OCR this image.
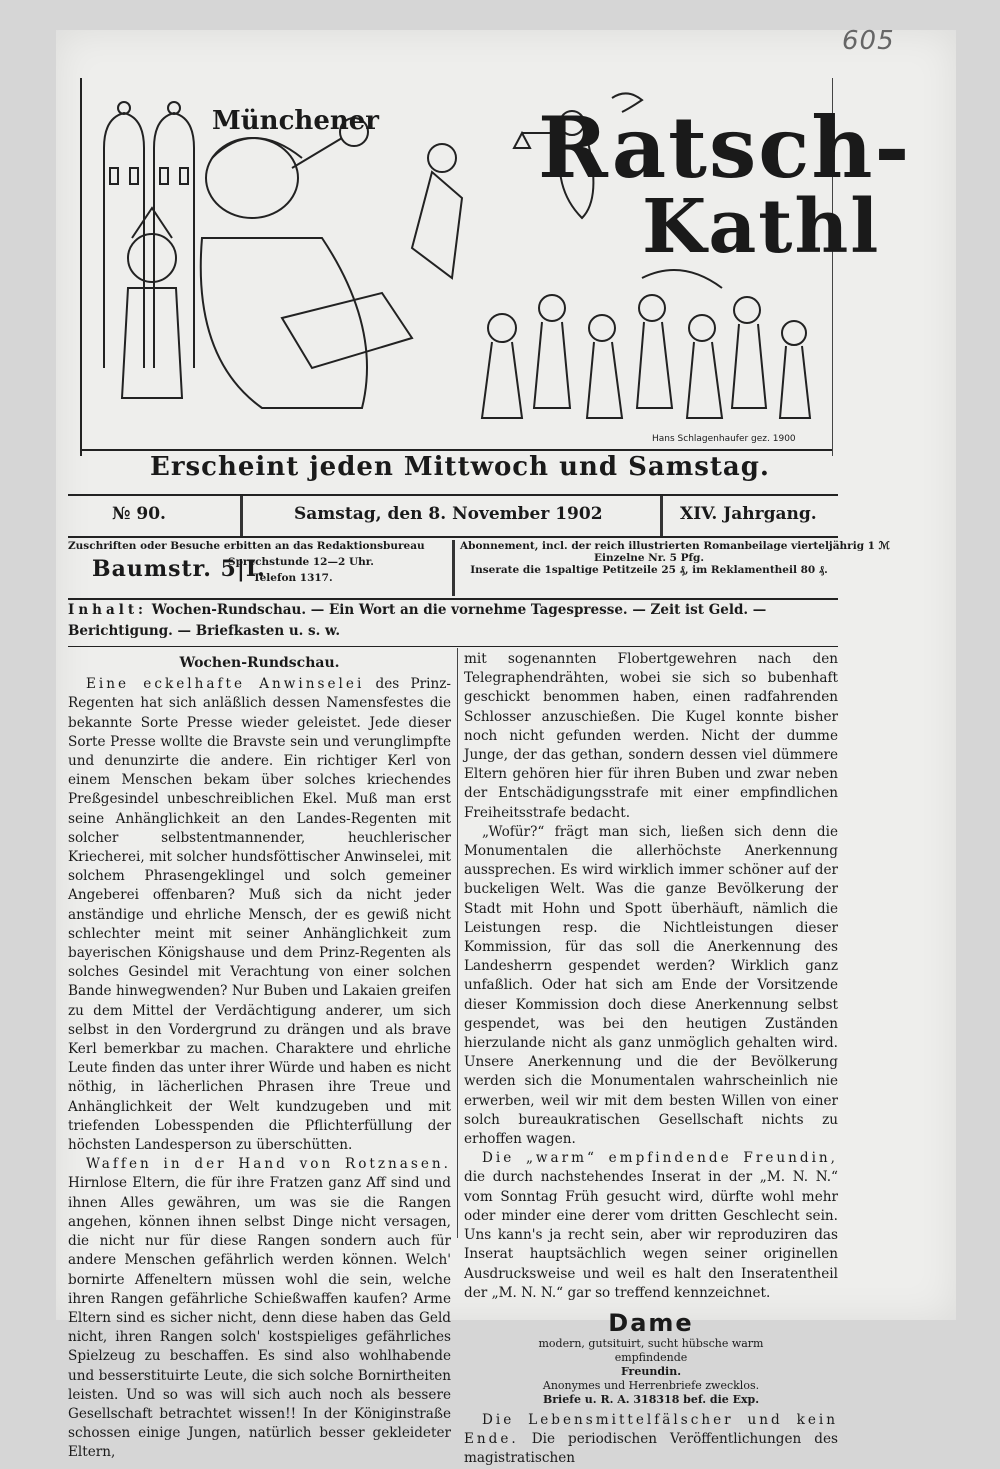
605
Münchener Ratsch-
Kathl
Hans Schlagenhaufer gez. 1900
Erscheint jeden Mittwoch und Samstag.
№ 90.	Samstag, den 8. November 1902	XIV. Jahrgang.
Zuschriften oder Besuche erbitten an das Redaktionsbureau
Baumstr. 5|I.
Sprechstunde 12—2 Uhr.
Telefon 1317.
Abonnement, incl. der reich illustrierten Romanbeilage vierteljährig 1 ℳ
Einzelne Nr. 5 Pfg.
Inserate die 1spaltige Petitzeile 25 ₰, im Reklamentheil 80 ₰.
Inhalt: Wochen-Rundschau. — Ein Wort an die vornehme Tagespresse. — Zeit ist Geld. — Berichtigung. — Briefkasten u. s. w.
Wochen-Rundschau.

Eine eckelhafte Anwinselei des Prinz-Regenten hat sich anläßlich dessen Namensfestes die bekannte Sorte Presse wieder geleistet. Jede dieser Sorte Presse wollte die Bravste sein und verunglimpfte und denunzirte die andere. Ein richtiger Kerl von einem Menschen bekam über solches kriechendes Preßgesindel unbeschreiblichen Ekel. Muß man erst seine Anhänglichkeit an den Landes-Regenten mit solcher selbstentmannender, heuchlerischer Kriecherei, mit solcher hundsföttischer Anwinselei, mit solchem Phrasengeklingel und solch gemeiner Angeberei offenbaren? Muß sich da nicht jeder anständige und ehrliche Mensch, der es gewiß nicht schlechter meint mit seiner Anhänglichkeit zum bayerischen Königshause und dem Prinz-Regenten als solches Gesindel mit Verachtung von einer solchen Bande hinwegwenden? Nur Buben und Lakaien greifen zu dem Mittel der Verdächtigung anderer, um sich selbst in den Vordergrund zu drängen und als brave Kerl bemerkbar zu machen. Charaktere und ehrliche Leute finden das unter ihrer Würde und haben es nicht nöthig, in lächerlichen Phrasen ihre Treue und Anhänglichkeit der Welt kundzugeben und mit triefenden Lobesspenden die Pflichterfüllung der höchsten Landesperson zu überschütten.

Waffen in der Hand von Rotznasen. Hirnlose Eltern, die für ihre Fratzen ganz Aff sind und ihnen Alles gewähren, um was sie die Rangen angehen, können ihnen selbst Dinge nicht versagen, die nicht nur für diese Rangen sondern auch für andere Menschen gefährlich werden können. Welch' bornirte Affeneltern müssen wohl die sein, welche ihren Rangen gefährliche Schießwaffen kaufen? Arme Eltern sind es sicher nicht, denn diese haben das Geld nicht, ihren Rangen solch' kostspieliges gefährliches Spielzeug zu beschaffen. Es sind also wohlhabende und besserstituirte Leute, die sich solche Bornirtheiten leisten. Und so was will sich auch noch als bessere Gesellschaft betrachtet wissen!! In der Königinstraße schossen einige Jungen, natürlich besser gekleideter Eltern,

mit sogenannten Flobertgewehren nach den Telegraphendrähten, wobei sie sich so bubenhaft geschickt benommen haben, einen radfahrenden Schlosser anzuschießen. Die Kugel konnte bisher noch nicht gefunden werden. Nicht der dumme Junge, der das gethan, sondern dessen viel dümmere Eltern gehören hier für ihren Buben und zwar neben der Entschädigungsstrafe mit einer empfindlichen Freiheitsstrafe bedacht.

„Wofür?“ frägt man sich, ließen sich denn die Monumentalen die allerhöchste Anerkennung aussprechen. Es wird wirklich immer schöner auf der buckeligen Welt. Was die ganze Bevölkerung der Stadt mit Hohn und Spott überhäuft, nämlich die Leistungen resp. die Nichtleistungen dieser Kommission, für das soll die Anerkennung des Landesherrn gespendet werden? Wirklich ganz unfaßlich. Oder hat sich am Ende der Vorsitzende dieser Kommission doch diese Anerkennung selbst gespendet, was bei den heutigen Zuständen hierzulande nicht als ganz unmöglich gehalten wird. Unsere Anerkennung und die der Bevölkerung werden sich die Monumentalen wahrscheinlich nie erwerben, weil wir mit dem besten Willen von einer solch bureaukratischen Gesellschaft nichts zu erhoffen wagen.

Die „warm“ empfindende Freundin, die durch nachstehendes Inserat in der „M. N. N.“ vom Sonntag Früh gesucht wird, dürfte wohl mehr oder minder eine derer vom dritten Geschlecht sein. Uns kann's ja recht sein, aber wir reproduziren das Inserat hauptsächlich wegen seiner originellen Ausdrucksweise und weil es halt den Inseratentheil der „M. N. N.“ gar so treffend kennzeichnet.

Dame
modern, gutsituirt, sucht hübsche warm
empfindende
Freundin.
Anonymes und Herrenbriefe zwecklos.
Briefe u. R. A. 318318 bef. die Exp.

Die Lebensmittelfälscher und kein Ende. Die periodischen Veröffentlichungen des magistratischen
